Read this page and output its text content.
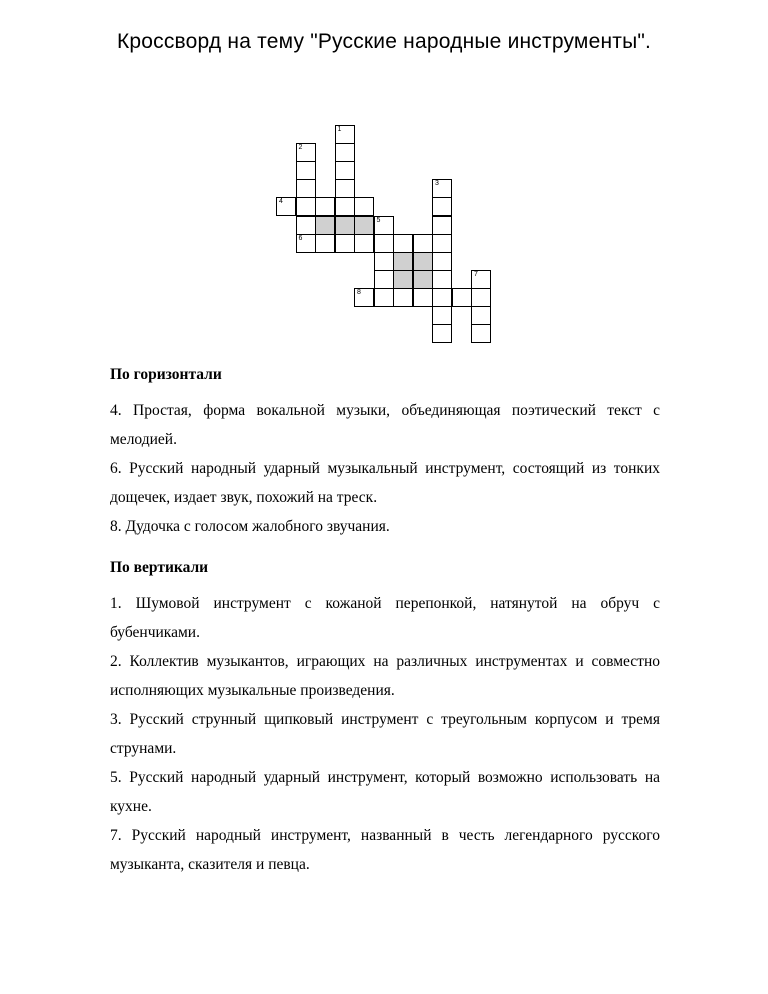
Кроссворд на тему "Русские народные инструменты".
1
2
6
3
4
5
7
8
По горизонтали
4. Простая, форма вокальной музыки, объединяющая поэтический текст с мелодией.
6. Русский народный ударный музыкальный инструмент, состоящий из тонких дощечек, издает звук, похожий на треск.
8. Дудочка с голосом жалобного звучания.
По вертикали
1. Шумовой инструмент с кожаной перепонкой, натянутой на обруч с бубенчиками.
2. Коллектив музыкантов, играющих на различных инструментах и совместно исполняющих музыкальные произведения.
3. Русский струнный щипковый инструмент с треугольным корпусом и тремя струнами.
5. Русский народный ударный инструмент, который возможно использовать на кухне.
7. Русский народный инструмент, названный в честь легендарного русского музыканта, сказителя и певца.
